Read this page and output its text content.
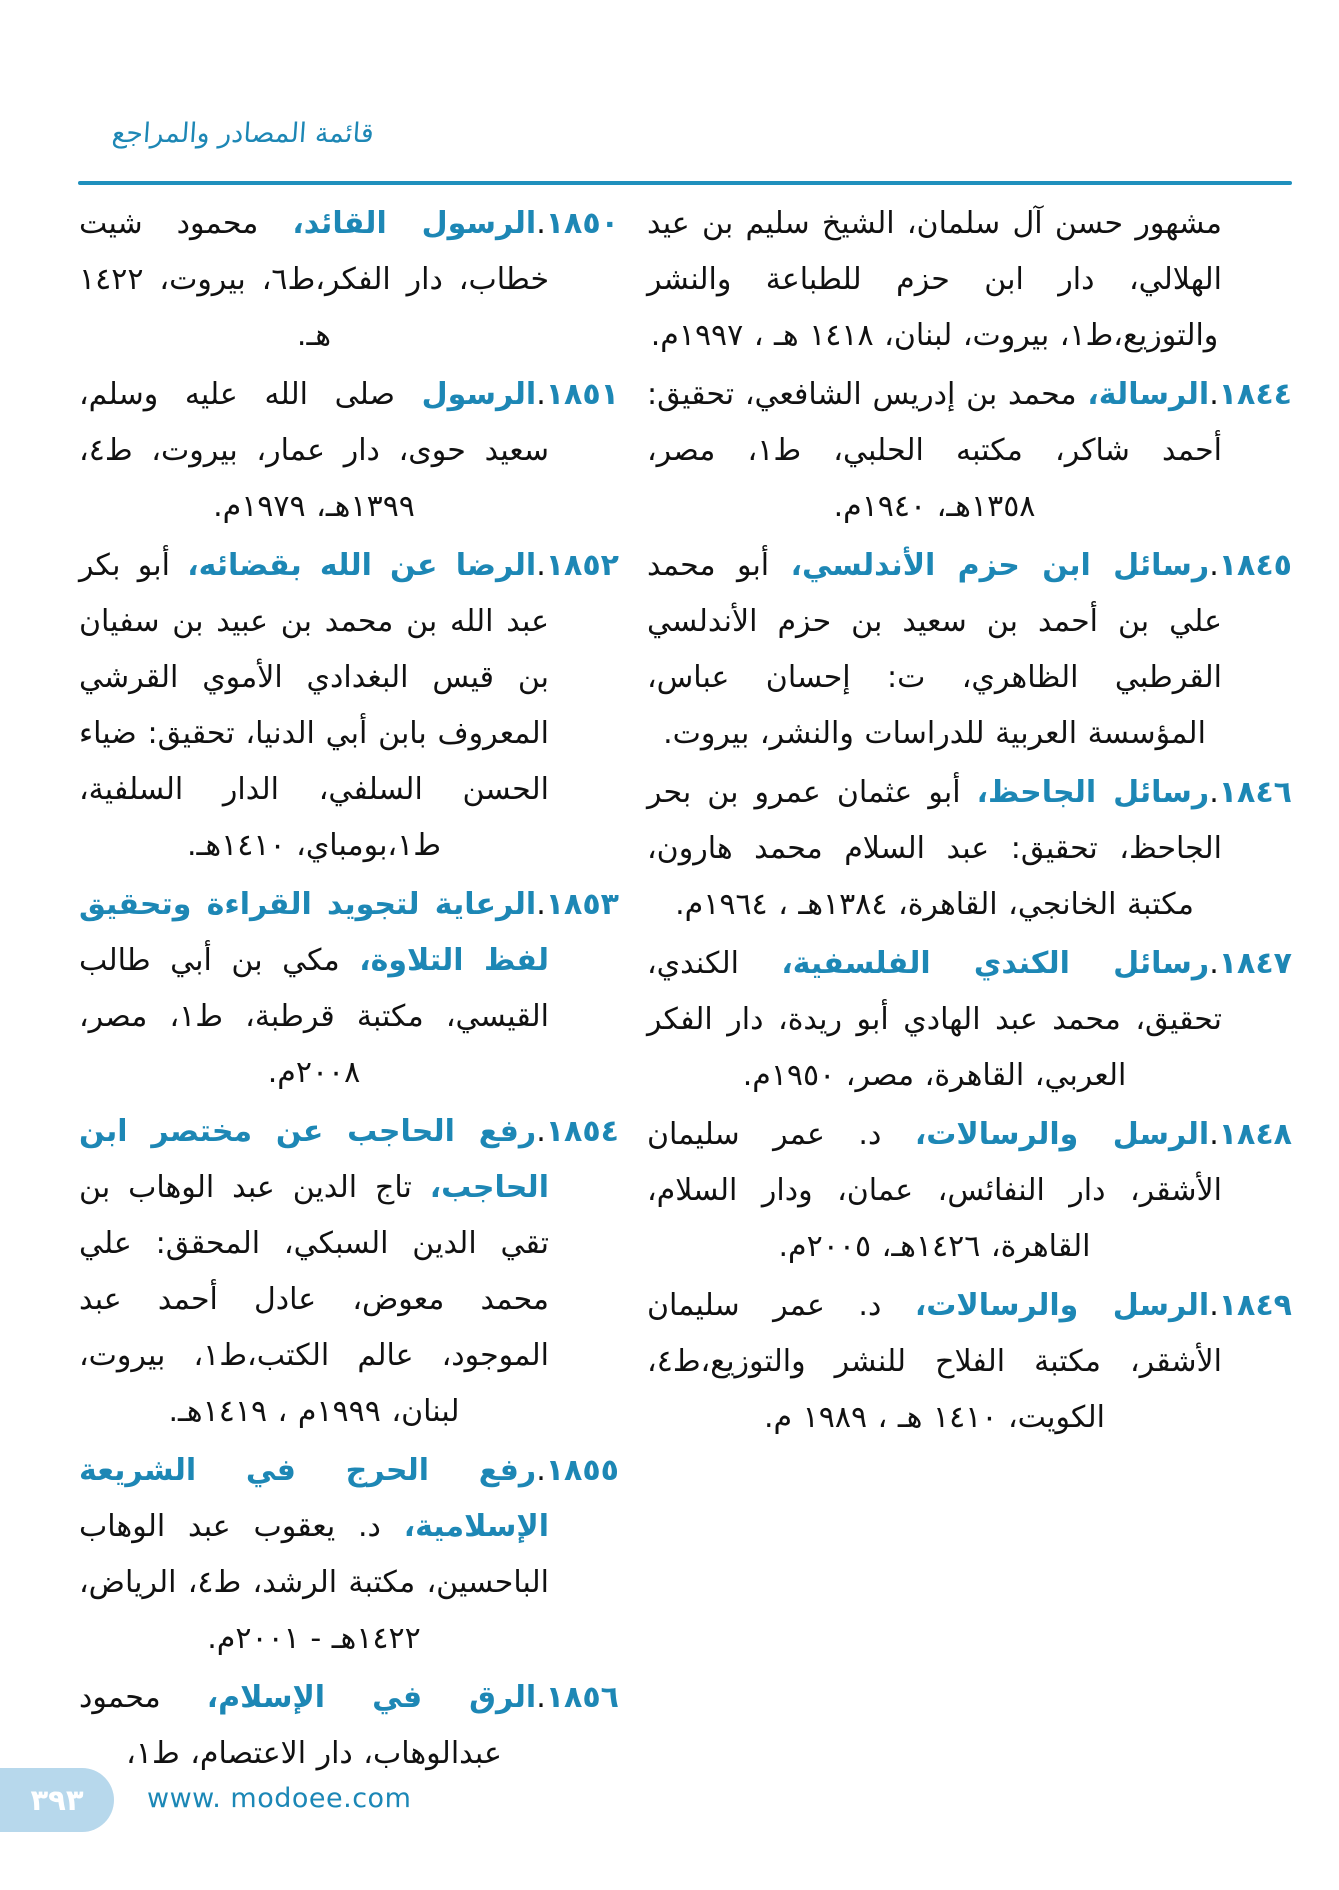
قائمة المصادر والمراجع

مشهور حسن آل سلمان، الشيخ سليم بن عيد الهلالي، دار ابن حزم للطباعة والنشر والتوزيع،ط١، بيروت، لبنان، ١٤١٨ هـ ، ١٩٩٧م.

١٨٤٤.الرسالة، محمد بن إدريس الشافعي، تحقيق: أحمد شاكر، مكتبه الحلبي، ط١، مصر، ١٣٥٨هـ، ١٩٤٠م.

١٨٤٥.رسائل ابن حزم الأندلسي، أبو محمد علي بن أحمد بن سعيد بن حزم الأندلسي القرطبي الظاهري، ت: إحسان عباس، المؤسسة العربية للدراسات والنشر، بيروت.

١٨٤٦.رسائل الجاحظ، أبو عثمان عمرو بن بحر الجاحظ، تحقيق: عبد السلام محمد هارون، مكتبة الخانجي، القاهرة، ١٣٨٤هـ ، ١٩٦٤م.

١٨٤٧.رسائل الكندي الفلسفية، الكندي، تحقيق، محمد عبد الهادي أبو ريدة، دار الفكر العربي، القاهرة، مصر، ١٩٥٠م.

١٨٤٨.الرسل والرسالات، د. عمر سليمان الأشقر، دار النفائس، عمان، ودار السلام، القاهرة، ١٤٢٦هـ، ٢٠٠٥م.

١٨٤٩.الرسل والرسالات، د. عمر سليمان الأشقر، مكتبة الفلاح للنشر والتوزيع،ط٤، الكويت، ١٤١٠ هـ ، ١٩٨٩ م.

١٨٥٠.الرسول القائد، محمود شيت خطاب، دار الفكر،ط٦، بيروت، ١٤٢٢ هـ.

١٨٥١.الرسول صلى الله عليه وسلم، سعيد حوى، دار عمار، بيروت، ط٤، ١٣٩٩هـ، ١٩٧٩م.

١٨٥٢.الرضا عن الله بقضائه، أبو بكر عبد الله بن محمد بن عبيد بن سفيان بن قيس البغدادي الأموي القرشي المعروف بابن أبي الدنيا، تحقيق: ضياء الحسن السلفي، الدار السلفية، ط١،بومباي، ١٤١٠هـ.

١٨٥٣.الرعاية لتجويد القراءة وتحقيق لفظ التلاوة، مكي بن أبي طالب القيسي، مكتبة قرطبة، ط١، مصر، ٢٠٠٨م.

١٨٥٤.رفع الحاجب عن مختصر ابن الحاجب، تاج الدين عبد الوهاب بن تقي الدين السبكي، المحقق: علي محمد معوض، عادل أحمد عبد الموجود، عالم الكتب،ط١، بيروت، لبنان، ١٩٩٩م ، ١٤١٩هـ.

١٨٥٥.رفع الحرج في الشريعة الإسلامية، د. يعقوب عبد الوهاب الباحسين، مكتبة الرشد، ط٤، الرياض، ١٤٢٢هـ - ٢٠٠١م.

١٨٥٦.الرق في الإسلام، محمود عبدالوهاب، دار الاعتصام، ط١،

٣٩٣ www. modoee.com
